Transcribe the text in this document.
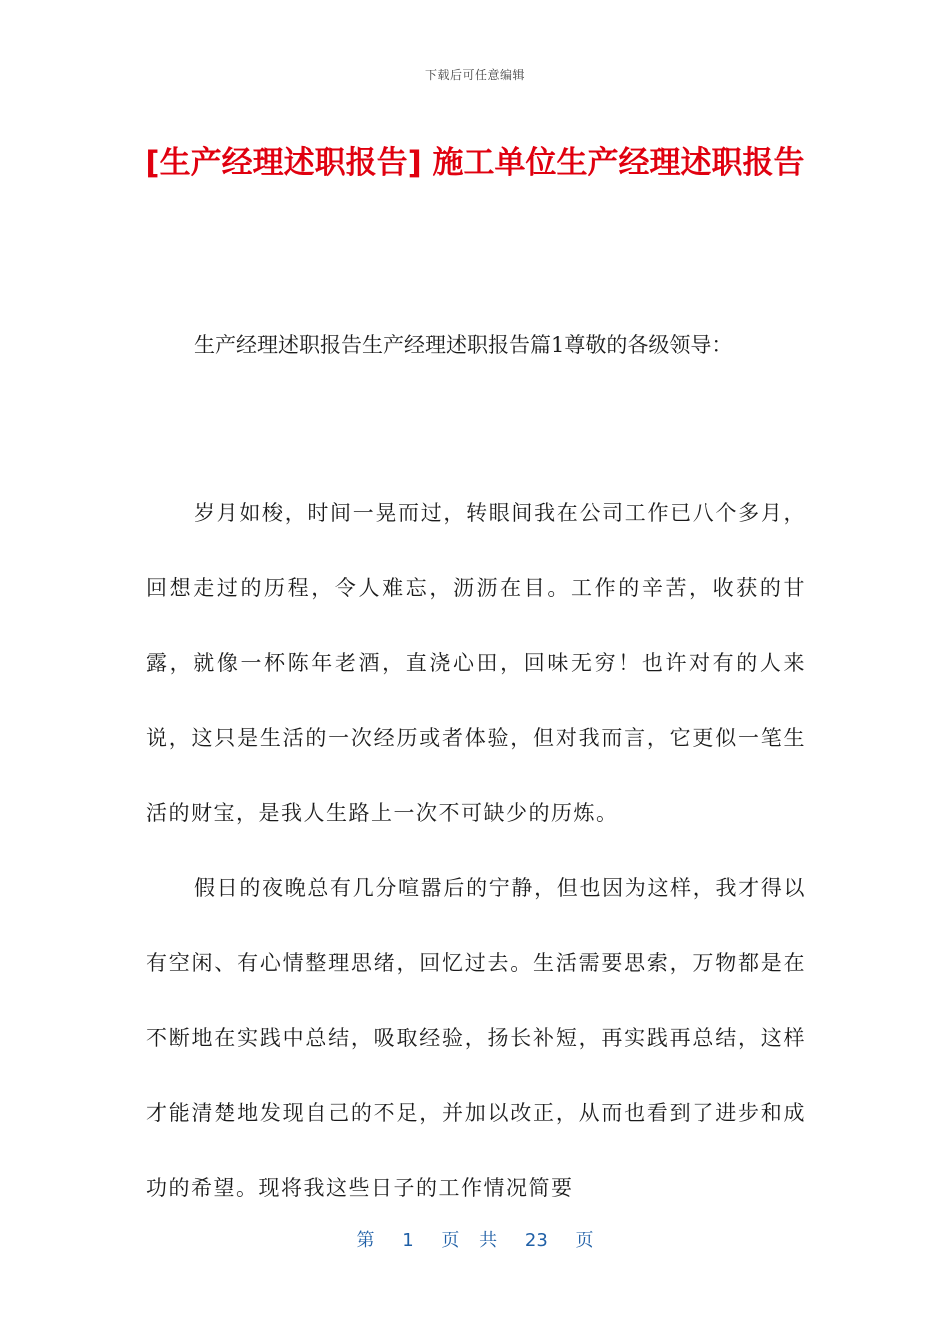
下载后可任意编辑
[生产经理述职报告] 施工单位生产经理述职报告

生产经理述职报告生产经理述职报告篇1尊敬的各级领导：

岁月如梭，时间一晃而过，转眼间我在公司工作已八个多月，回想走过的历程，令人难忘，沥沥在目。工作的辛苦，收获的甘露，就像一杯陈年老酒，直浇心田，回味无穷！也许对有的人来说，这只是生活的一次经历或者体验，但对我而言，它更似一笔生活的财宝，是我人生路上一次不可缺少的历炼。

假日的夜晚总有几分喧嚣后的宁静，但也因为这样，我才得以有空闲、有心情整理思绪，回忆过去。生活需要思索，万物都是在不断地在实践中总结，吸取经验，扬长补短，再实践再总结，这样才能清楚地发现自己的不足，并加以改正，从而也看到了进步和成功的希望。现将我这些日子的工作情况简要

第 1 页 共 23 页
